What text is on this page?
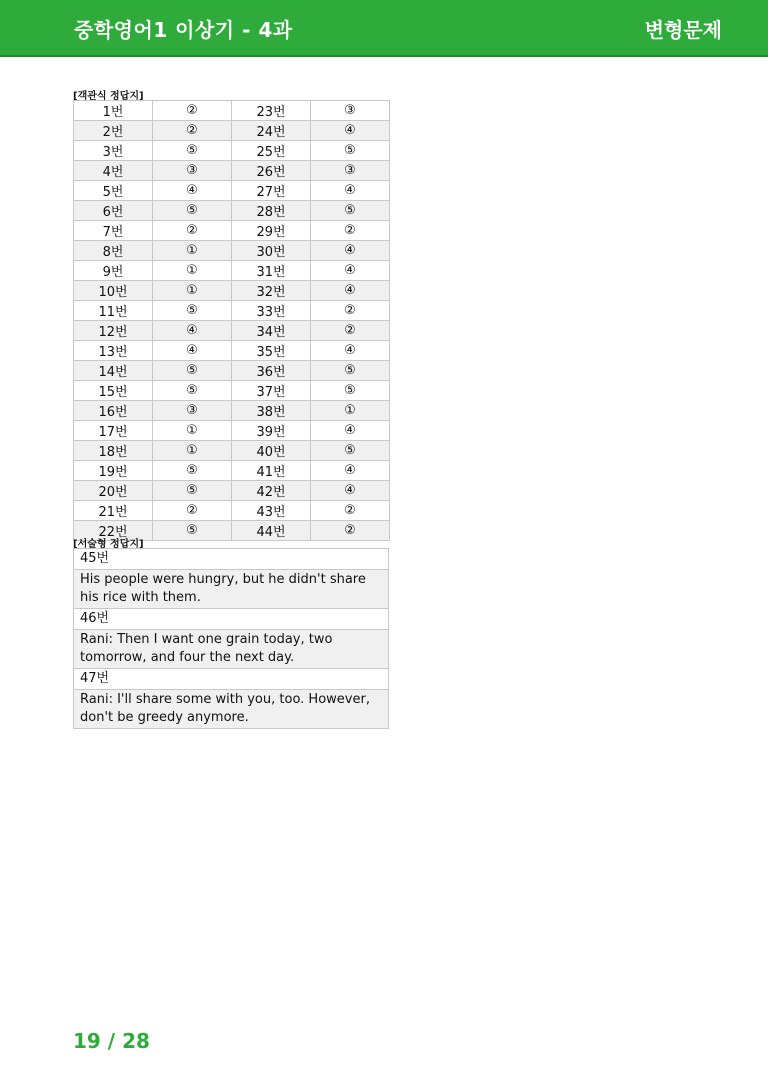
중학영어1 이상기 - 4과	변형문제
[객관식 정답지]
1번	②	23번	③
2번	②	24번	④
3번	⑤	25번	⑤
4번	③	26번	③
5번	④	27번	④
6번	⑤	28번	⑤
7번	②	29번	②
8번	①	30번	④
9번	①	31번	④
10번	①	32번	④
11번	⑤	33번	②
12번	④	34번	②
13번	④	35번	④
14번	⑤	36번	⑤
15번	⑤	37번	⑤
16번	③	38번	①
17번	①	39번	④
18번	①	40번	⑤
19번	⑤	41번	④
20번	⑤	42번	④
21번	②	43번	②
22번	⑤	44번	②
[서술형 정답지]
45번
His people were hungry, but he didn't share his rice with them.
46번
Rani: Then I want one grain today, two tomorrow, and four the next day.
47번
Rani: I'll share some with you, too. However, don't be greedy anymore.
19 / 28
